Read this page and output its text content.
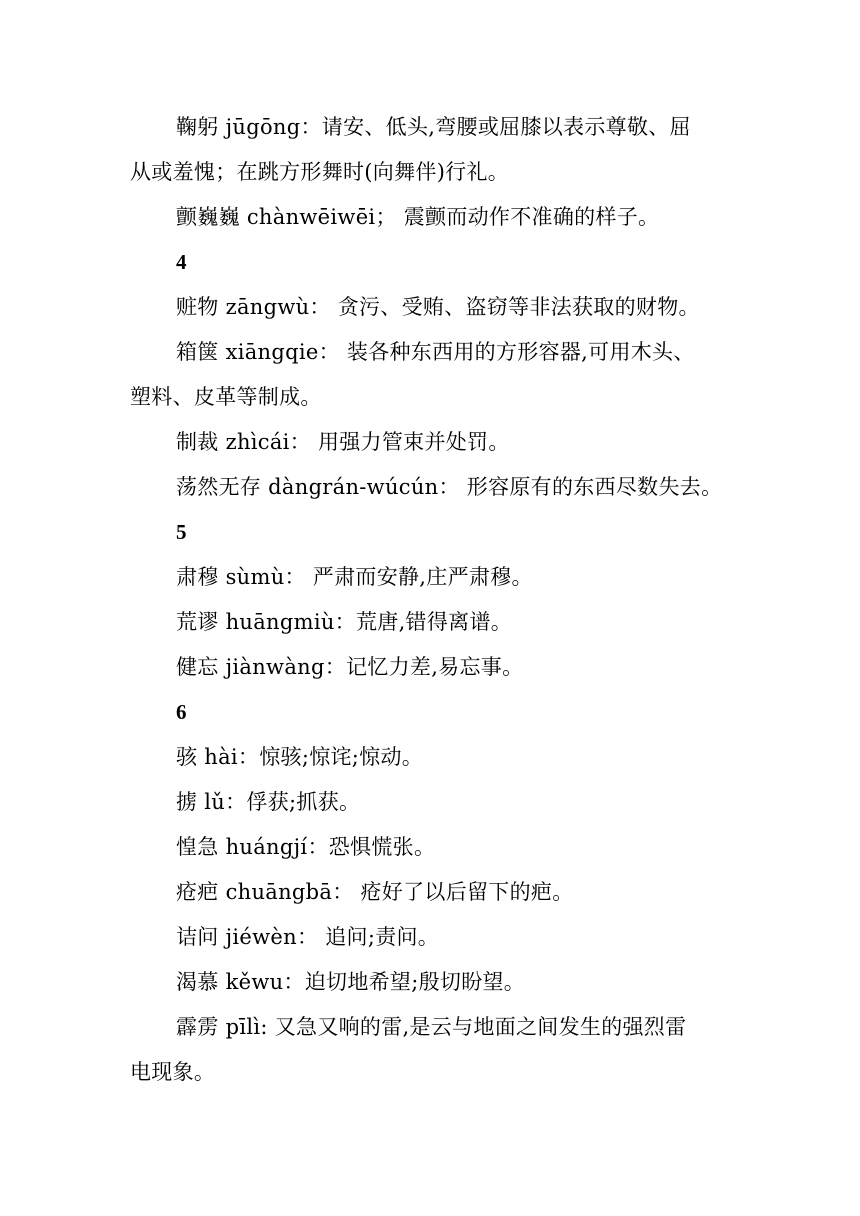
鞠躬 jūgōng：请安、低头,弯腰或屈膝以表示尊敬、屈
从或羞愧；在跳方形舞时(向舞伴)行礼。
颤巍巍 chànwēiwēi； 震颤而动作不准确的样子。
4
赃物 zāngwù： 贪污、受贿、盗窃等非法获取的财物。
箱箧 xiāngqie： 装各种东西用的方形容器,可用木头、
塑料、皮革等制成。
制裁 zhìcái： 用强力管束并处罚。
荡然无存 dàngrán-wúcún： 形容原有的东西尽数失去。
5
肃穆 sùmù： 严肃而安静,庄严肃穆。
荒谬 huāngmiù：荒唐,错得离谱。
健忘 jiànwàng：记忆力差,易忘事。
6
骇 hài：惊骇;惊诧;惊动。
掳 lǔ：俘获;抓获。
惶急 huángjí：恐惧慌张。
疮疤 chuāngbā： 疮好了以后留下的疤。
诘问 jiéwèn： 追问;责问。
渴慕 kěwu：迫切地希望;殷切盼望。
霹雳 pīlì: 又急又响的雷,是云与地面之间发生的强烈雷
电现象。
